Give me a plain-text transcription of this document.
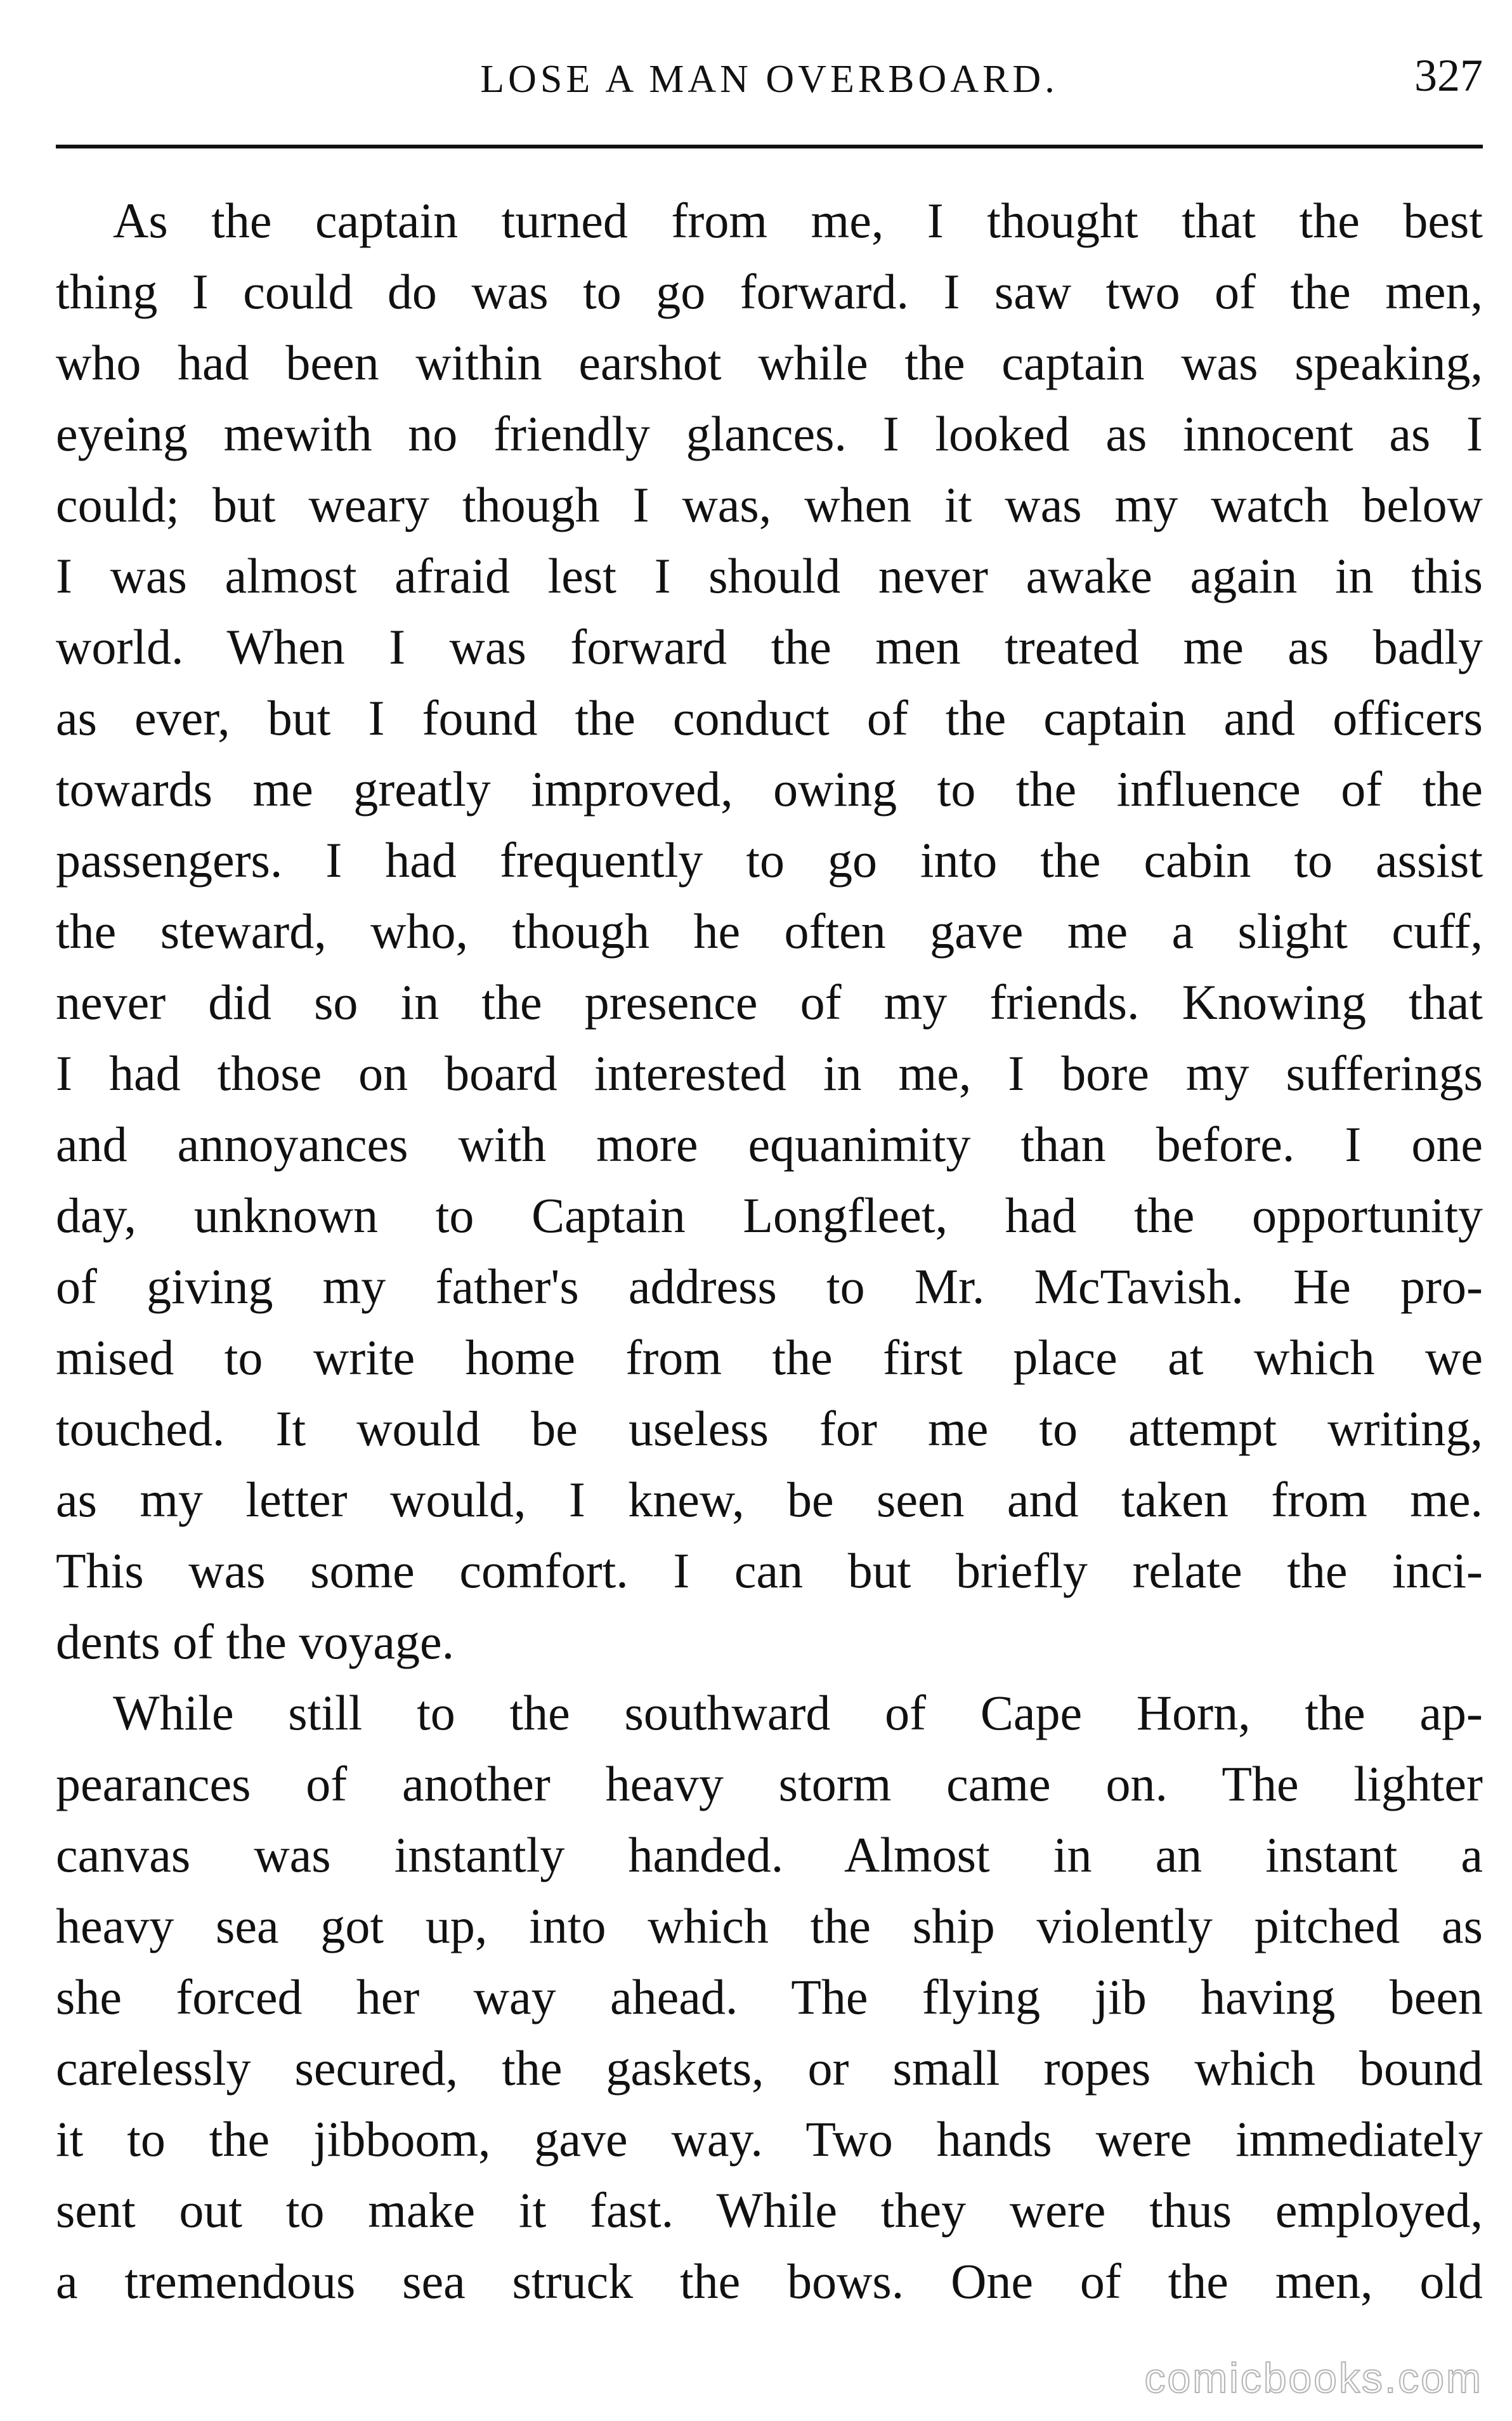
LOSE A MAN OVERBOARD.	327
As the captain turned from me, I thought that the best
thing I could do was to go forward. I saw two of the men,
who had been within earshot while the captain was speaking,
eyeing mewith no friendly glances. I looked as innocent as I
could; but weary though I was, when it was my watch below
I was almost afraid lest I should never awake again in this
world. When I was forward the men treated me as badly
as ever, but I found the conduct of the captain and officers
towards me greatly improved, owing to the influence of the
passengers. I had frequently to go into the cabin to assist
the steward, who, though he often gave me a slight cuff,
never did so in the presence of my friends. Knowing that
I had those on board interested in me, I bore my sufferings
and annoyances with more equanimity than before. I one
day, unknown to Captain Longfleet, had the opportunity
of giving my father's address to Mr. McTavish. He pro-
mised to write home from the first place at which we
touched. It would be useless for me to attempt writing,
as my letter would, I knew, be seen and taken from me.
This was some comfort. I can but briefly relate the inci-
dents of the voyage.
While still to the southward of Cape Horn, the ap-
pearances of another heavy storm came on. The lighter
canvas was instantly handed. Almost in an instant a
heavy sea got up, into which the ship violently pitched as
she forced her way ahead. The flying jib having been
carelessly secured, the gaskets, or small ropes which bound
it to the jibboom, gave way. Two hands were immediately
sent out to make it fast. While they were thus employed,
a tremendous sea struck the bows. One of the men, old
comicbooks.com
